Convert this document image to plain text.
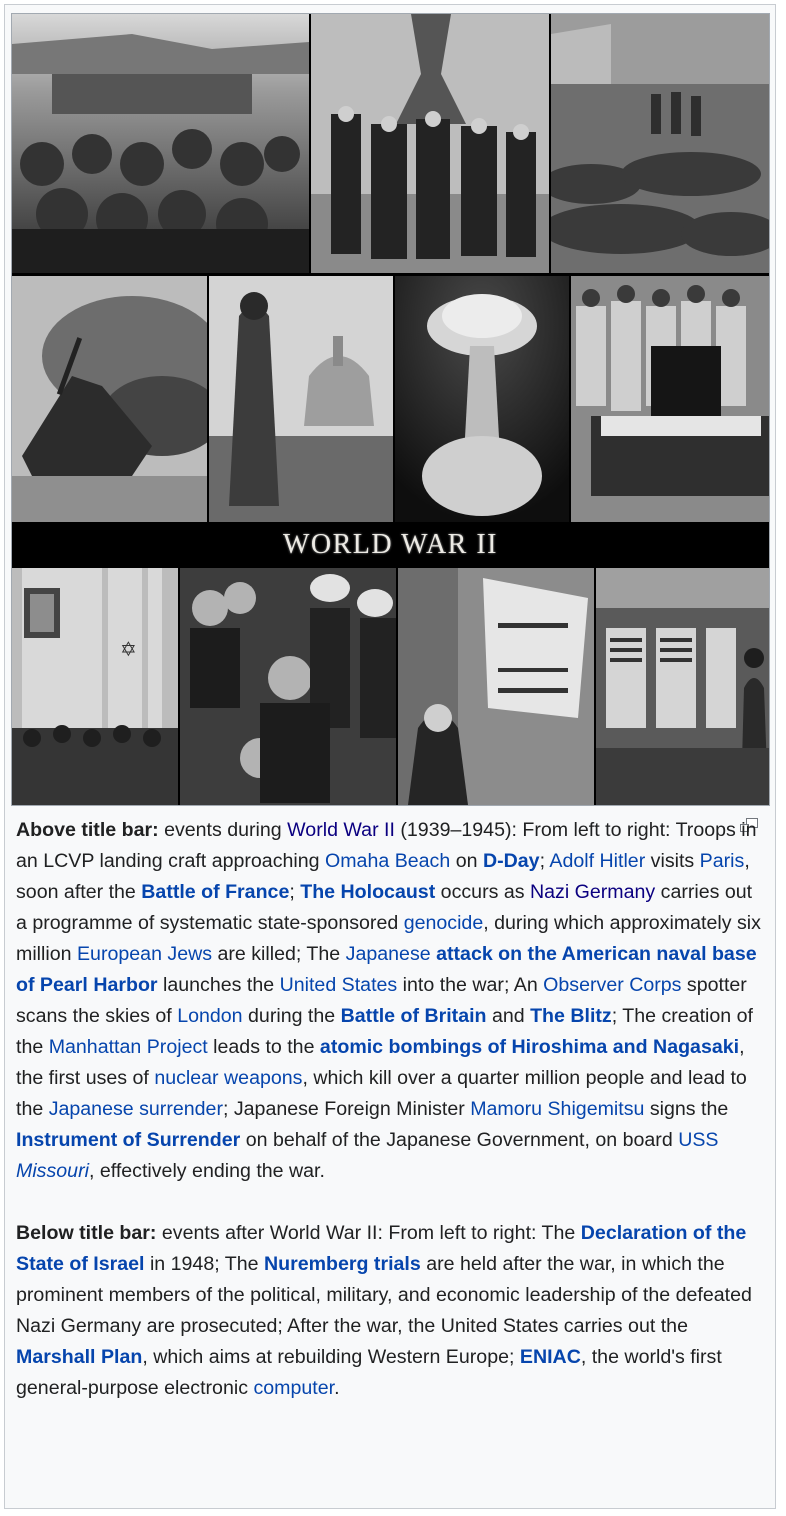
WORLD WAR II
✡

Above title bar: events during World War II (1939–1945): From left to right: Troops in an LCVP landing craft approaching Omaha Beach on D-Day; Adolf Hitler visits Paris, soon after the Battle of France; The Holocaust occurs as Nazi Germany carries out a programme of systematic state-sponsored genocide, during which approximately six million European Jews are killed; The Japanese attack on the American naval base of Pearl Harbor launches the United States into the war; An Observer Corps spotter scans the skies of London during the Battle of Britain and The Blitz; The creation of the Manhattan Project leads to the atomic bombings of Hiroshima and Nagasaki, the first uses of nuclear weapons, which kill over a quarter million people and lead to the Japanese surrender; Japanese Foreign Minister Mamoru Shigemitsu signs the Instrument of Surrender on behalf of the Japanese Government, on board USS Missouri, effectively ending the war.

Below title bar: events after World War II: From left to right: The Declaration of the State of Israel in 1948; The Nuremberg trials are held after the war, in which the prominent members of the political, military, and economic leadership of the defeated Nazi Germany are prosecuted; After the war, the United States carries out the Marshall Plan, which aims at rebuilding Western Europe; ENIAC, the world's first general-purpose electronic computer.
